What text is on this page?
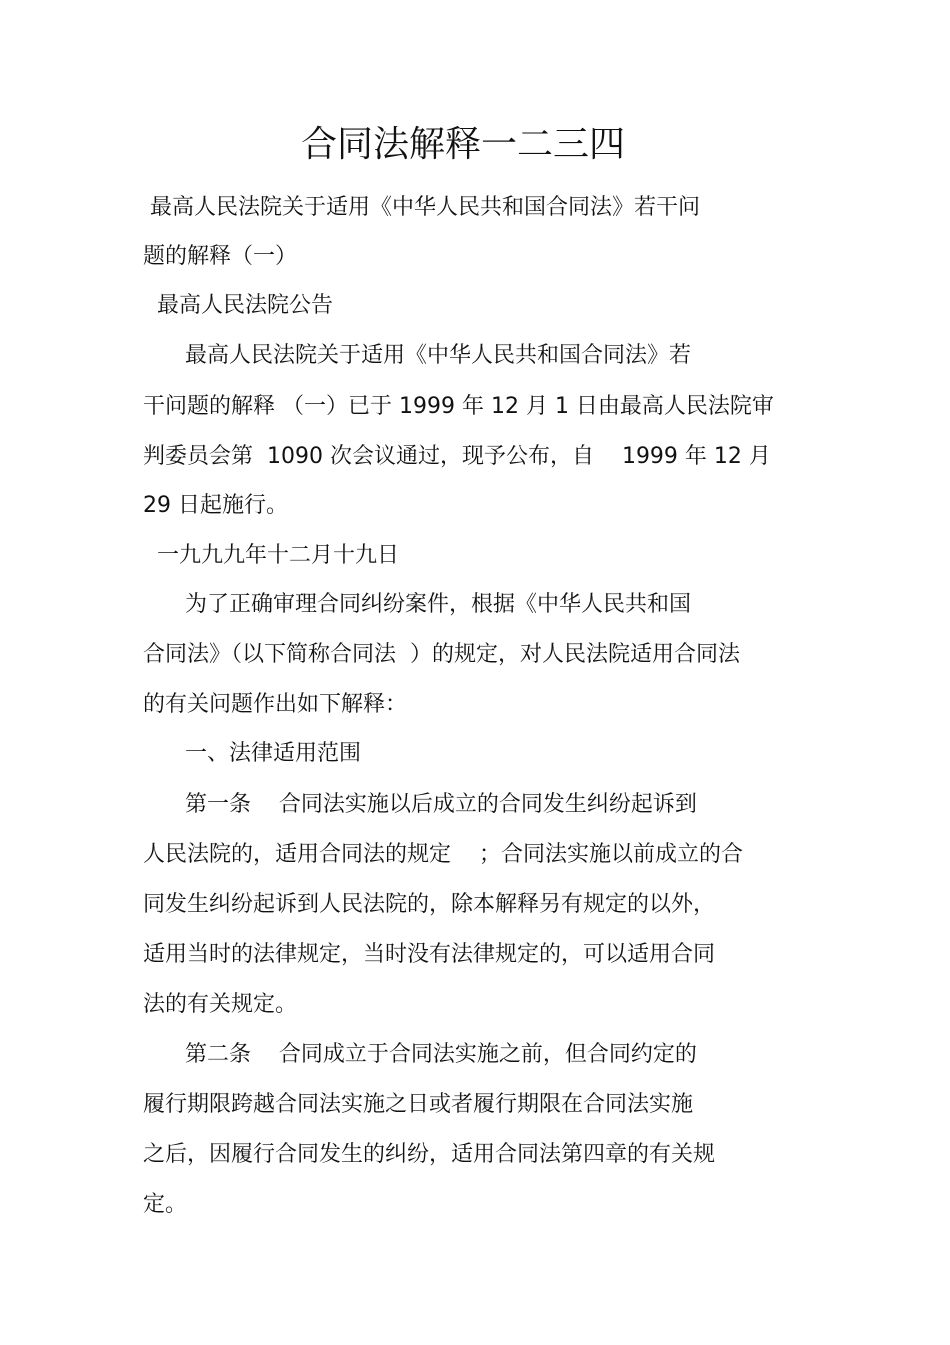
合同法解释一二三四

最高人民法院关于适用《中华人民共和国合同法》若干问

题的解释（一）

最高人民法院公告

最高人民法院关于适用《中华人民共和国合同法》若

干问题的解释 （一）已于 1999 年 12 月 1 日由最高人民法院审

判委员会第  1090 次会议通过，现予公布，自    1999 年 12 月

29 日起施行。

一九九九年十二月十九日

为了正确审理合同纠纷案件，根据《中华人民共和国

合同法》（以下简称合同法  ）的规定，对人民法院适用合同法

的有关问题作出如下解释：

一、法律适用范围

第一条    合同法实施以后成立的合同发生纠纷起诉到

人民法院的，适用合同法的规定    ；合同法实施以前成立的合

同发生纠纷起诉到人民法院的，除本解释另有规定的以外，

适用当时的法律规定，当时没有法律规定的，可以适用合同

法的有关规定。

第二条    合同成立于合同法实施之前，但合同约定的

履行期限跨越合同法实施之日或者履行期限在合同法实施

之后，因履行合同发生的纠纷，适用合同法第四章的有关规

定。
